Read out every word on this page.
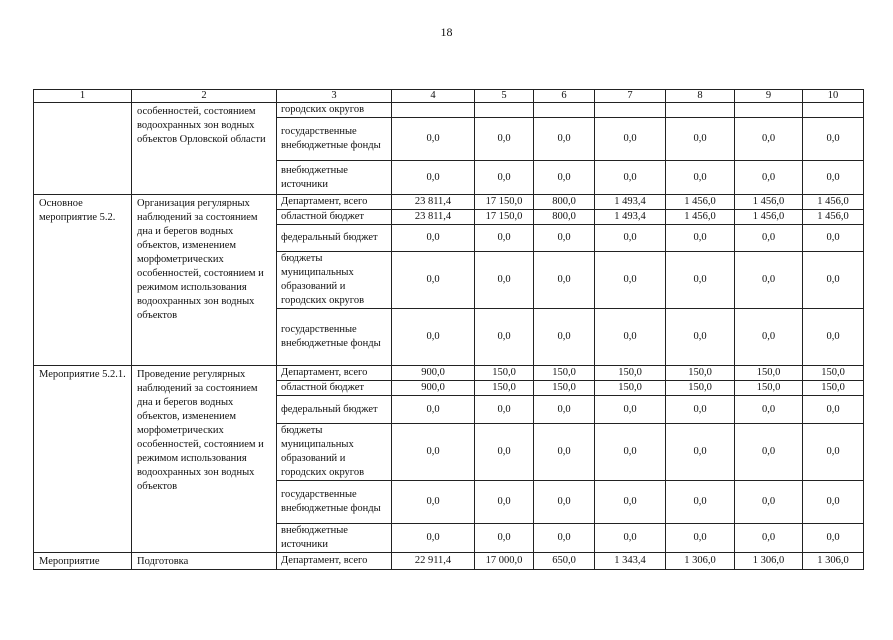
18
1	2	3	4	5	6	7	8	9	10
	особенностей, состоянием водоохранных зон водных объектов Орловской области	городских округов							
		государственные внебюджетные фонды	0,0	0,0	0,0	0,0	0,0	0,0	0,0
		внебюджетные источники	0,0	0,0	0,0	0,0	0,0	0,0	0,0
Основное мероприятие 5.2.	Организация регулярных наблюдений за состоянием дна и берегов водных объектов, изменением морфометрических особенностей, состоянием и режимом использования водоохранных зон водных объектов	Департамент, всего	23 811,4	17 150,0	800,0	1 493,4	1 456,0	1 456,0	1 456,0
		областной бюджет	23 811,4	17 150,0	800,0	1 493,4	1 456,0	1 456,0	1 456,0
		федеральный бюджет	0,0	0,0	0,0	0,0	0,0	0,0	0,0
		бюджеты муниципальных образований и городских округов	0,0	0,0	0,0	0,0	0,0	0,0	0,0
		государственные внебюджетные фонды	0,0	0,0	0,0	0,0	0,0	0,0	0,0
Мероприятие 5.2.1.	Проведение регулярных наблюдений за состоянием дна и берегов водных объектов, изменением морфометрических особенностей, состоянием и режимом использования водоохранных зон водных объектов	Департамент, всего	900,0	150,0	150,0	150,0	150,0	150,0	150,0
		областной бюджет	900,0	150,0	150,0	150,0	150,0	150,0	150,0
		федеральный бюджет	0,0	0,0	0,0	0,0	0,0	0,0	0,0
		бюджеты муниципальных образований и городских округов	0,0	0,0	0,0	0,0	0,0	0,0	0,0
		государственные внебюджетные фонды	0,0	0,0	0,0	0,0	0,0	0,0	0,0
		внебюджетные источники	0,0	0,0	0,0	0,0	0,0	0,0	0,0
Мероприятие	Подготовка	Департамент, всего	22 911,4	17 000,0	650,0	1 343,4	1 306,0	1 306,0	1 306,0
